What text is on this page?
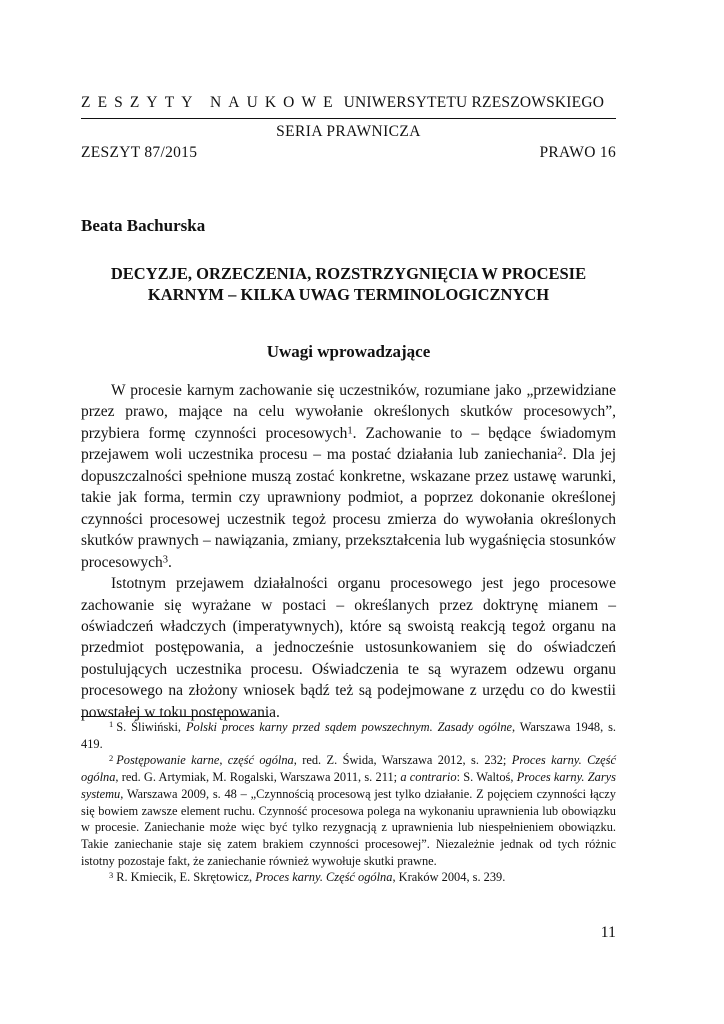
ZESZYTY NAUKOWE UNIWERSYTETU RZESZOWSKIEGO
SERIA PRAWNICZA
ZESZYT 87/2015	PRAWO 16
Beata Bachurska
DECYZJE, ORZECZENIA, ROZSTRZYGNIĘCIA W PROCESIE
KARNYM – KILKA UWAG TERMINOLOGICZNYCH
Uwagi wprowadzające

W procesie karnym zachowanie się uczestników, rozumiane jako „przewidziane przez prawo, mające na celu wywołanie określonych skutków procesowych”, przybiera formę czynności procesowych$^1$. Zachowanie to – będące świadomym przejawem woli uczestnika procesu – ma postać działania lub zaniechania$^2$. Dla jej dopuszczalności spełnione muszą zostać konkretne, wskazane przez ustawę warunki, takie jak forma, termin czy uprawniony podmiot, a poprzez dokonanie określonej czynności procesowej uczestnik tegoż procesu zmierza do wywołania określonych skutków prawnych – nawiązania, zmiany, przekształcenia lub wygaśnięcia stosunków procesowych$^3$.

Istotnym przejawem działalności organu procesowego jest jego procesowe zachowanie się wyrażane w postaci – określanych przez doktrynę mianem – oświadczeń władczych (imperatywnych), które są swoistą reakcją tegoż organu na przedmiot postępowania, a jednocześnie ustosunkowaniem się do oświadczeń postulujących uczestnika procesu. Oświadczenia te są wyrazem odzewu organu procesowego na złożony wniosek bądź też są podejmowane z urzędu co do kwestii powstałej w toku postępowania.

$^1$ S. Śliwiński, Polski proces karny przed sądem powszechnym. Zasady ogólne, Warszawa 1948, s. 419.

$^2$ Postępowanie karne, część ogólna, red. Z. Świda, Warszawa 2012, s. 232; Proces karny. Część ogólna, red. G. Artymiak, M. Rogalski, Warszawa 2011, s. 211; a contrario: S. Waltoś, Proces karny. Zarys systemu, Warszawa 2009, s. 48 – „Czynnością procesową jest tylko działanie. Z pojęciem czynności łączy się bowiem zawsze element ruchu. Czynność procesowa polega na wykonaniu uprawnienia lub obowiązku w procesie. Zaniechanie może więc być tylko rezygnacją z uprawnienia lub niespełnieniem obowiązku. Takie zaniechanie staje się zatem brakiem czynności procesowej”. Niezależnie jednak od tych różnic istotny pozostaje fakt, że zaniechanie również wywołuje skutki prawne.

$^3$ R. Kmiecik, E. Skrętowicz, Proces karny. Część ogólna, Kraków 2004, s. 239.

11
